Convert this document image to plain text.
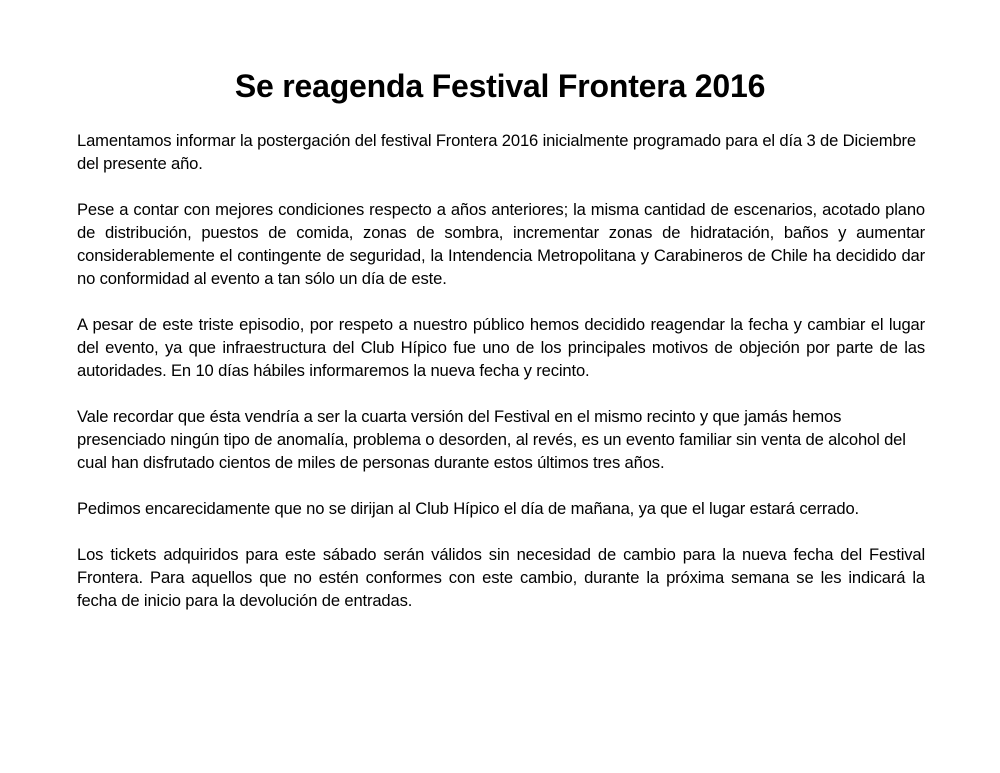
Se reagenda Festival Frontera 2016

Lamentamos informar la postergación del festival Frontera 2016 inicialmente programado para el día 3 de Diciembre del presente año.

Pese a contar con mejores condiciones respecto a años anteriores; la misma cantidad de escenarios, acotado plano de distribución, puestos de comida, zonas de sombra, incrementar zonas de hidratación, baños y aumentar considerablemente el contingente de seguridad, la Intendencia Metropolitana y Carabineros de Chile ha decidido dar no conformidad al evento a tan sólo un día de este.

A pesar de este triste episodio, por respeto a nuestro público hemos decidido reagendar la fecha y cambiar el lugar del evento, ya que infraestructura del Club Hípico fue uno de los principales motivos de objeción por parte de las autoridades. En 10 días hábiles informaremos la nueva fecha y recinto.

Vale recordar que ésta vendría a ser la cuarta versión del Festival en el mismo recinto y que jamás hemos presenciado ningún tipo de anomalía, problema o desorden, al revés, es un evento familiar sin venta de alcohol del cual han disfrutado cientos de miles de personas durante estos últimos tres años.

Pedimos encarecidamente que no se dirijan al Club Hípico el día de mañana, ya que el lugar estará cerrado.

Los tickets adquiridos para este sábado serán válidos sin necesidad de cambio para la nueva fecha del Festival Frontera. Para aquellos que no estén conformes con este cambio, durante la próxima semana se les indicará la fecha de inicio para la devolución de entradas.
